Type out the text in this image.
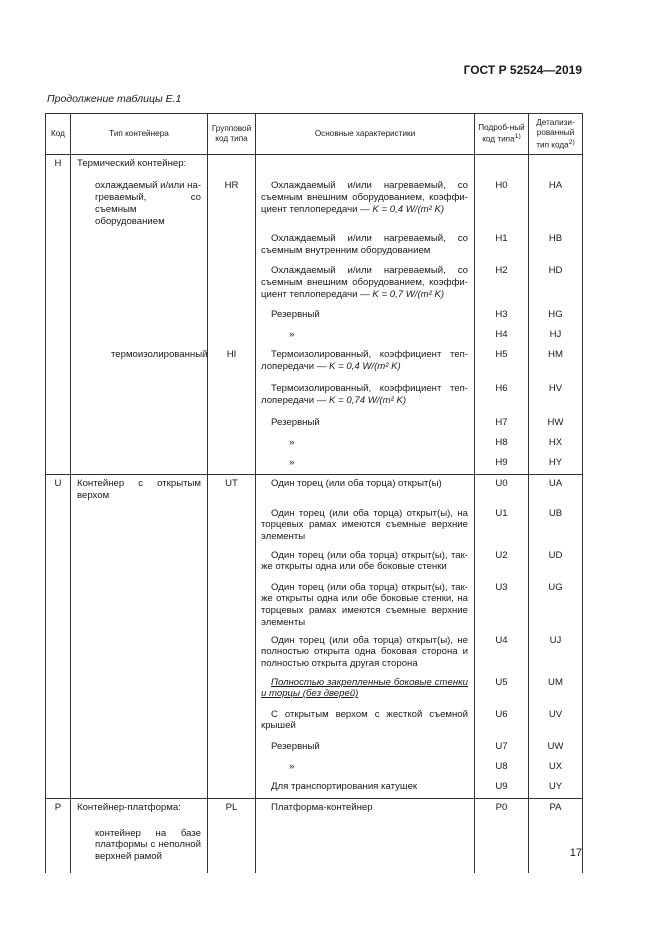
ГОСТ Р 52524—2019
Продолжение таблицы Е.1
Код	Тип контейнера	Групповой код типа	Основные характеристики	Подроб-ный код типа$^{1)}$	Детализи-рованный тип кода$^{2)}$
H	Термический контейнер:		

	охлаждаемый и/или нагреваемый, со съемным оборудованием	HR	Охлаждаемый и/или нагреваемый, со съемным внешним оборудованием, коэффициент теплопередачи — K = 0,4 W/(m² K)	H0	HA

			Охлаждаемый и/или нагреваемый, со съемным внутренним оборудованием	H1	HB

			Охлаждаемый и/или нагреваемый, со съемным внешним оборудованием, коэффициент теплопередачи — K = 0,7 W/(m² K)	H2	HD

			Резервный	H3	HG

			»	H4	HJ

	термоизолированный	HI	Термоизолированный, коэффициент теплопередачи — K = 0,4 W/(m² K)	H5	HM

			Термоизолированный, коэффициент теплопередачи — K = 0,74 W/(m² K)	H6	HV

			Резервный	H7	HW

			»	H8	HX

			»	H9	HY
U	Контейнер с открытым верхом	UT	Один торец (или оба торца) открыт(ы)	U0	UA

			Один торец (или оба торца) открыт(ы), на торцевых рамах имеются съемные верхние элементы	U1	UB

			Один торец (или оба торца) открыт(ы), также открыты одна или обе боковые стенки	U2	UD

			Один торец (или оба торца) открыт(ы), также открыты одна или обе боковые стенки, на торцевых рамах имеются съемные верхние элементы	U3	UG

			Один торец (или оба торца) открыт(ы), не полностью открыта одна боковая сторона и полностью открыта другая сторона	U4	UJ

			Полностью закрепленные боковые стенки и торцы (без дверей)	U5	UM

			С открытым верхом с жесткой съемной крышей	U6	UV

			Резервный	U7	UW

			»	U8	UX

			Для транспортирования катушек	U9	UY
P	Контейнер-платформа:	PL	Платформа-контейнер	P0	PA

	контейнер на базе платформы с неполной верхней рамой				

			17
